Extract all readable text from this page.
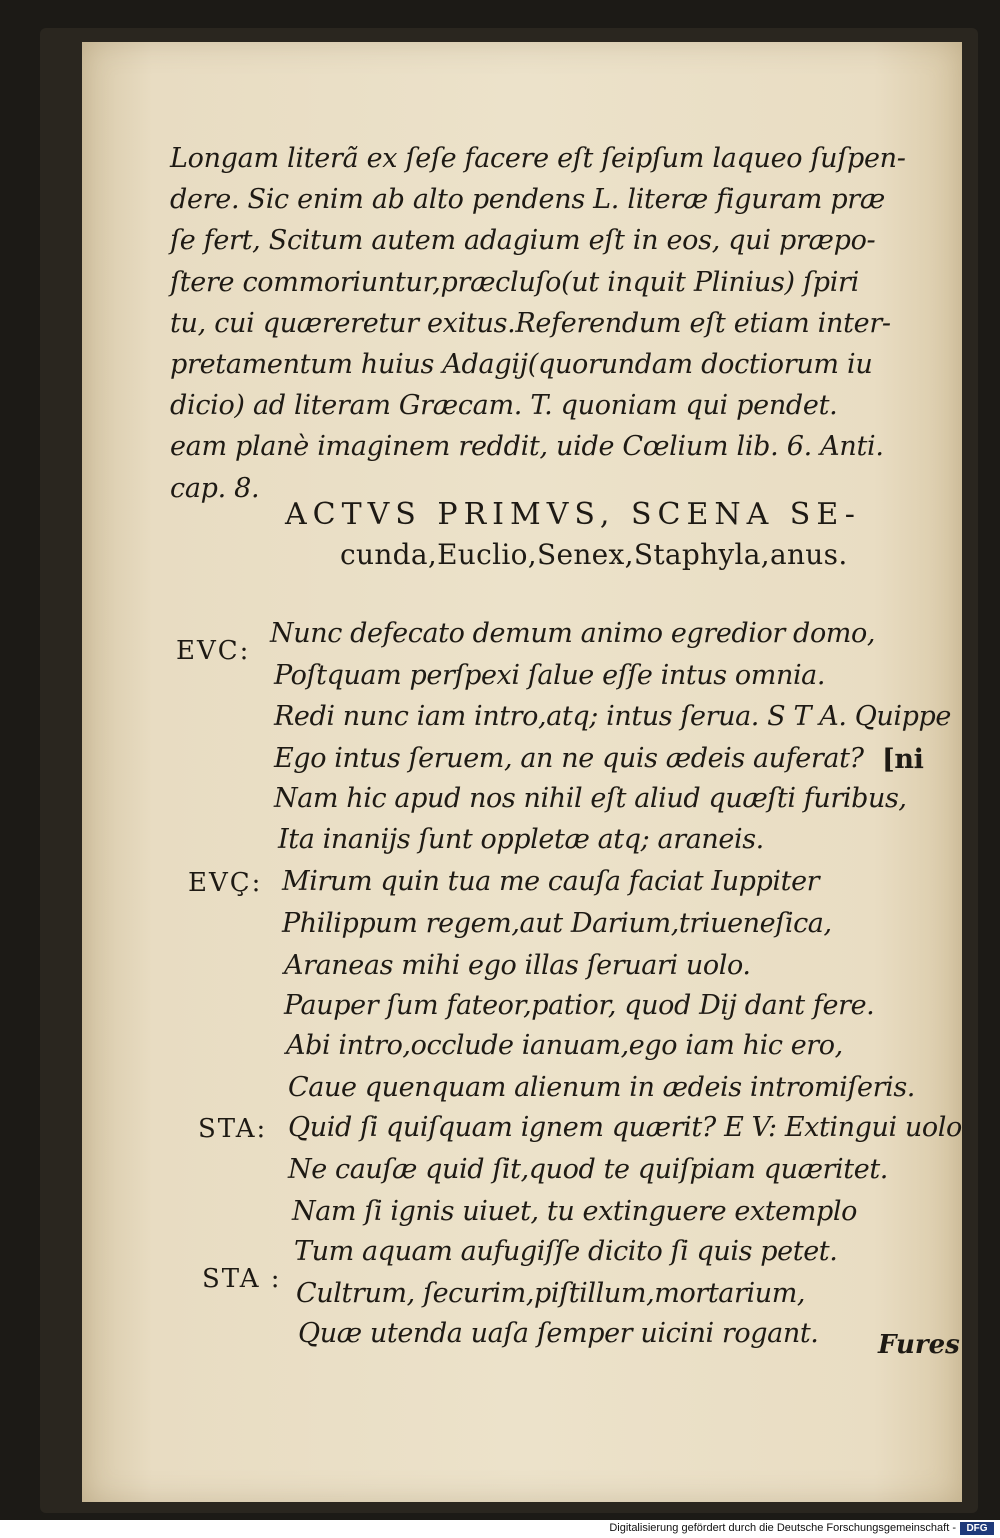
Longam literã ex ſeſe facere eſt ſeipſum laqueo ſuſpen-
dere. Sic enim ab alto pendens L. literæ figuram præ
ſe fert, Scitum autem adagium eſt in eos, qui præpo-
ſtere commoriuntur,præcluſo(ut inquit Plinius) ſpiri
tu, cui quæreretur exitus.Referendum eſt etiam inter-
pretamentum huius Adagij(quorundam doctiorum iu
dicio) ad literam Græcam. T. quoniam qui pendet.
eam planè imaginem reddit, uide Cœlium lib. 6. Anti.
cap. 8.
ACTVS PRIMVS, SCENA SE-
cunda,Euclio,Senex,Staphyla,anus.
EVC:
EVÇ:
STA:
STA :
Nunc defecato demum animo egredior domo,
Poſtquam perſpexi ſalue eſſe intus omnia.
Redi nunc iam intro,atq; intus ſerua. S T A. Quippe
Ego intus ſeruem, an ne quis ædeis auferat?
Nam hic apud nos nihil eſt aliud quæſti furibus,
Ita inanijs ſunt oppletæ atq; araneis.
Mirum quin tua me cauſa faciat Iuppiter
Philippum regem,aut Darium,triueneſica,
Araneas mihi ego illas ſeruari uolo.
Pauper ſum fateor,patior, quod Dij dant fere.
Abi intro,occlude ianuam,ego iam hic ero,
Caue quenquam alienum in ædeis intromiſeris.
Quid ſi quiſquam ignem quærit? E V: Extingui uolo
Ne cauſæ quid ſit,quod te quiſpiam quæritet.
Nam ſi ignis uiuet, tu extinguere extemplo
Tum aquam aufugiſſe dicito ſi quis petet.
Cultrum, ſecurim,piſtillum,mortarium,
Quæ utenda uaſa ſemper uicini rogant.
[ni
Fures
Digitalisierung gefördert durch die Deutsche Forschungsgemeinschaft -	DFG
